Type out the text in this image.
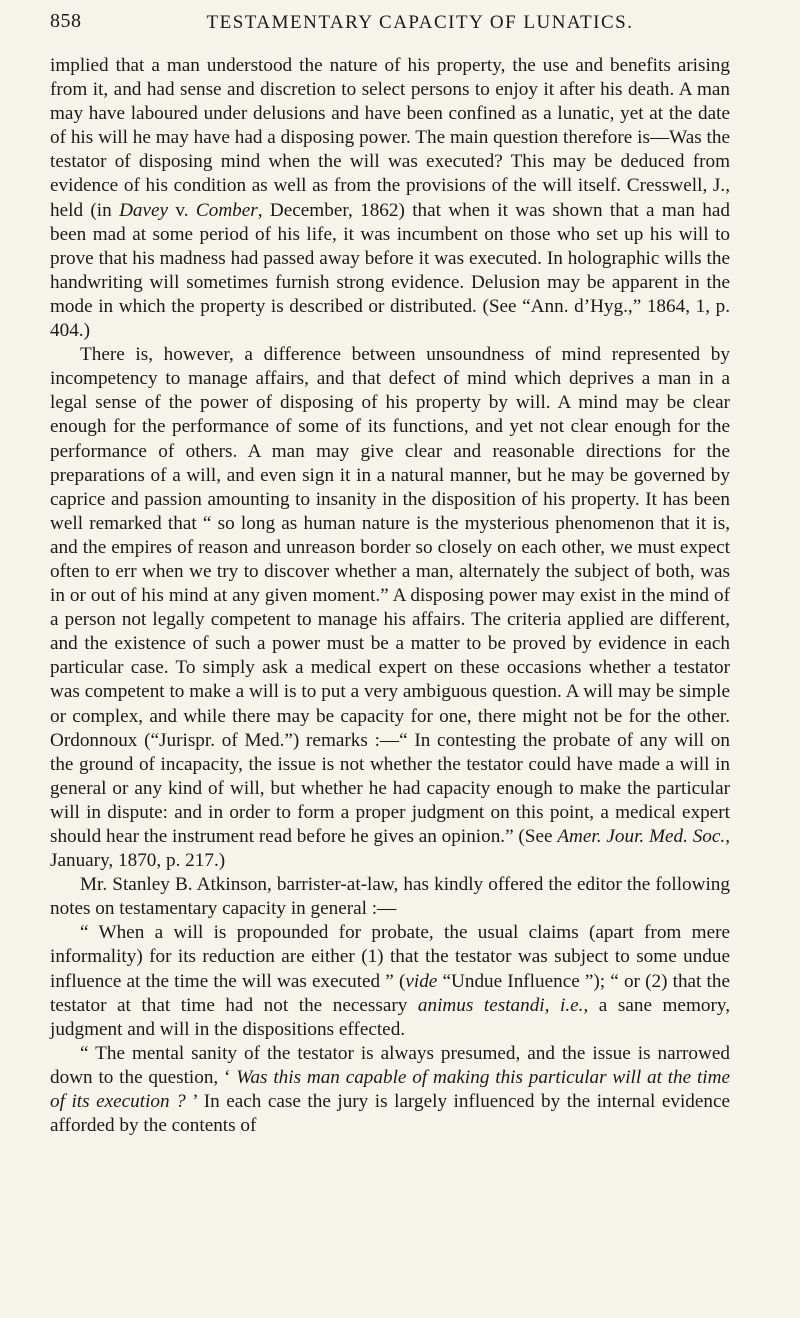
858	TESTAMENTARY CAPACITY OF LUNATICS.

implied that a man understood the nature of his property, the use and benefits arising from it, and had sense and discretion to select persons to enjoy it after his death. A man may have laboured under delusions and have been confined as a lunatic, yet at the date of his will he may have had a disposing power. The main question therefore is—Was the testator of disposing mind when the will was executed? This may be deduced from evidence of his condition as well as from the provisions of the will itself. Cresswell, J., held (in Davey v. Comber, December, 1862) that when it was shown that a man had been mad at some period of his life, it was incumbent on those who set up his will to prove that his madness had passed away before it was executed. In holographic wills the handwriting will sometimes furnish strong evidence. Delusion may be apparent in the mode in which the property is described or distributed. (See “Ann. d’Hyg.,” 1864, 1, p. 404.)

There is, however, a difference between unsoundness of mind represented by incompetency to manage affairs, and that defect of mind which deprives a man in a legal sense of the power of disposing of his property by will. A mind may be clear enough for the performance of some of its functions, and yet not clear enough for the performance of others. A man may give clear and reasonable directions for the preparations of a will, and even sign it in a natural manner, but he may be governed by caprice and passion amounting to insanity in the disposition of his property. It has been well remarked that “ so long as human nature is the mysterious phenomenon that it is, and the empires of reason and unreason border so closely on each other, we must expect often to err when we try to discover whether a man, alternately the subject of both, was in or out of his mind at any given moment.” A disposing power may exist in the mind of a person not legally competent to manage his affairs. The criteria applied are different, and the existence of such a power must be a matter to be proved by evidence in each particular case. To simply ask a medical expert on these occasions whether a testator was competent to make a will is to put a very ambiguous question. A will may be simple or complex, and while there may be capacity for one, there might not be for the other. Ordonnoux (“Jurispr. of Med.”) remarks :—“ In contesting the probate of any will on the ground of incapacity, the issue is not whether the testator could have made a will in general or any kind of will, but whether he had capacity enough to make the particular will in dispute: and in order to form a proper judgment on this point, a medical expert should hear the instrument read before he gives an opinion.” (See Amer. Jour. Med. Soc., January, 1870, p. 217.)

Mr. Stanley B. Atkinson, barrister-at-law, has kindly offered the editor the following notes on testamentary capacity in general :—

“ When a will is propounded for probate, the usual claims (apart from mere informality) for its reduction are either (1) that the testator was subject to some undue influence at the time the will was executed ” (vide “Undue Influence ”); “ or (2) that the testator at that time had not the necessary animus testandi, i.e., a sane memory, judgment and will in the dispositions effected.

“ The mental sanity of the testator is always presumed, and the issue is narrowed down to the question, ‘ Was this man capable of making this particular will at the time of its execution ? ’ In each case the jury is largely influenced by the internal evidence afforded by the contents of
